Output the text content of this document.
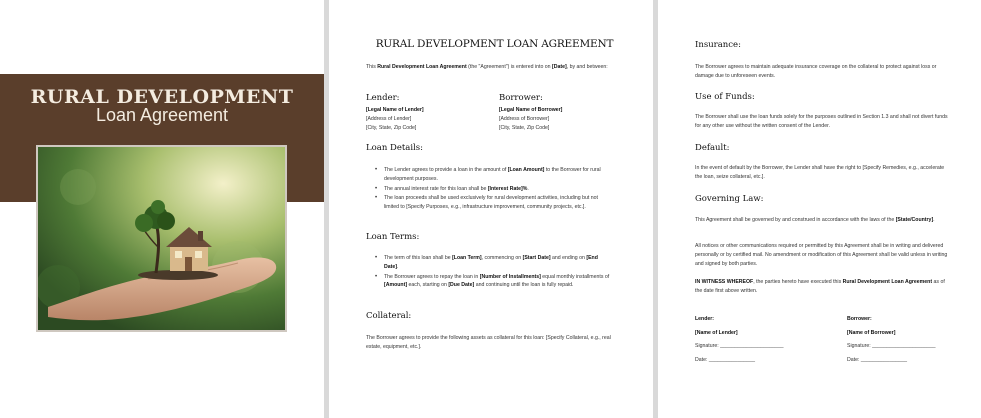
RURAL DEVELOPMENT
Loan Agreement
RURAL DEVELOPMENT LOAN AGREEMENT
This Rural Development Loan Agreement (the "Agreement") is entered into on [Date], by and between:
Lender:
[Legal Name of Lender]
[Address of Lender]
[City, State, Zip Code]
Borrower:
[Legal Name of Borrower]
[Address of Borrower]
[City, State, Zip Code]
Loan Details:
• The Lender agrees to provide a loan in the amount of [Loan Amount] to the Borrower for rural development purposes.
• The annual interest rate for this loan shall be [Interest Rate]%.
• The loan proceeds shall be used exclusively for rural development activities, including but not limited to [Specify Purposes, e.g., infrastructure improvement, community projects, etc.].
Loan Terms:
• The term of this loan shall be [Loan Term], commencing on [Start Date] and ending on [End Date].
• The Borrower agrees to repay the loan in [Number of Installments] equal monthly installments of [Amount] each, starting on [Due Date] and continuing until the loan is fully repaid.
Collateral:
The Borrower agrees to provide the following assets as collateral for this loan: [Specify Collateral, e.g., real estate, equipment, etc.].
Insurance:
The Borrower agrees to maintain adequate insurance coverage on the collateral to protect against loss or damage due to unforeseen events.
Use of Funds:
The Borrower shall use the loan funds solely for the purposes outlined in Section 1.3 and shall not divert funds for any other use without the written consent of the Lender.
Default:
In the event of default by the Borrower, the Lender shall have the right to [Specify Remedies, e.g., accelerate the loan, seize collateral, etc.].
Governing Law:
This Agreement shall be governed by and construed in accordance with the laws of the [State/Country].
All notices or other communications required or permitted by this Agreement shall be in writing and delivered personally or by certified mail. No amendment or modification of this Agreement shall be valid unless in writing and signed by both parties.
IN WITNESS WHEREOF, the parties hereto have executed this Rural Development Loan Agreement as of the date first above written.
Lender:
[Name of Lender]
Signature: ______________________
Date: ________________
Borrower:
[Name of Borrower]
Signature: ______________________
Date: ________________
